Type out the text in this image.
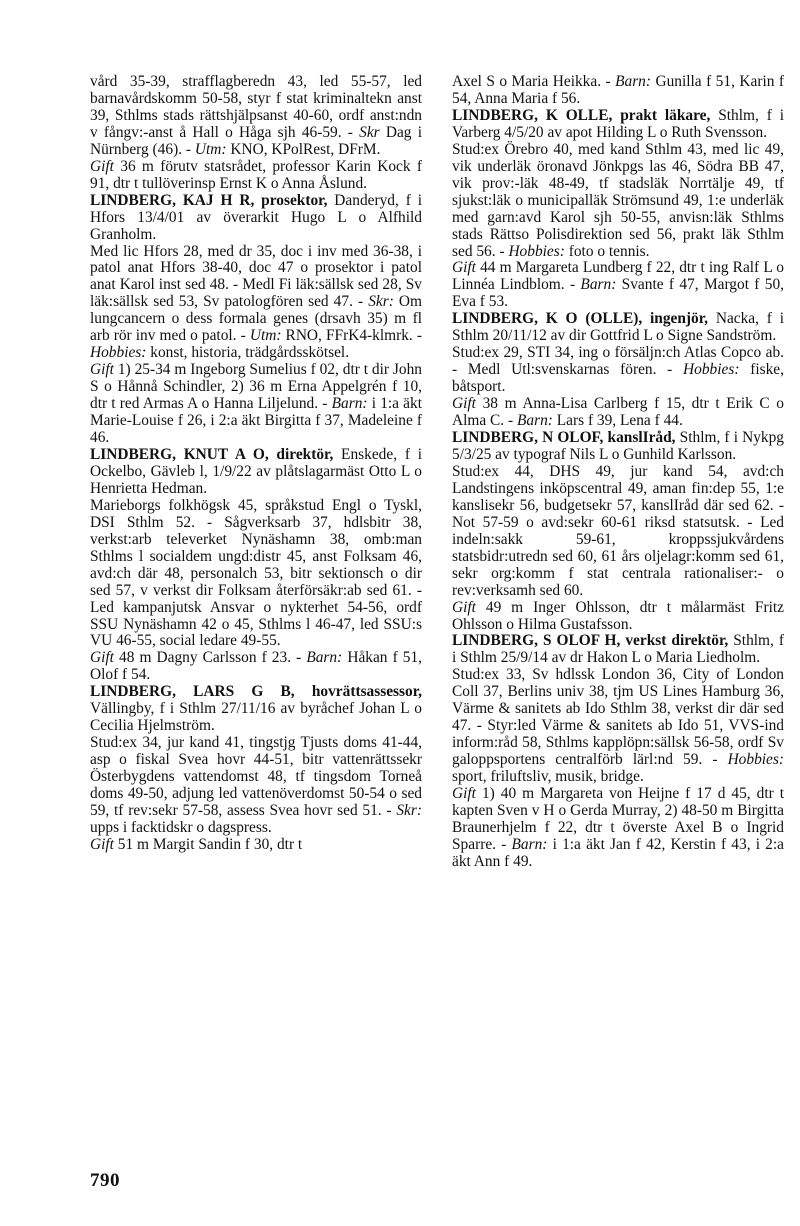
vård 35-39, strafflagberedn 43, led 55-57, led barnavårdskomm 50-58, styr f stat kriminaltekn anst 39, Sthlms stads rättshjälpsanst 40-60, ordf anst:ndn v fångv:-anst å Hall o Håga sjh 46-59. - Skr Dag i Nürnberg (46). - Utm: KNO, KPolRest, DFrM.

Gift 36 m förutv statsrådet, professor Karin Kock f 91, dtr t tullöverinsp Ernst K o Anna Åslund.

LINDBERG, KAJ H R, prosektor, Danderyd, f i Hfors 13/4/01 av överarkit Hugo L o Alfhild Granholm.

Med lic Hfors 28, med dr 35, doc i inv med 36-38, i patol anat Hfors 38-40, doc 47 o prosektor i patol anat Karol inst sed 48. - Medl Fi läk:sällsk sed 28, Sv läk:sällsk sed 53, Sv patologfören sed 47. - Skr: Om lungcancern o dess formala genes (drsavh 35) m fl arb rör inv med o patol. - Utm: RNO, FFrK4-klmrk. - Hobbies: konst, historia, trädgårdsskötsel.

Gift 1) 25-34 m Ingeborg Sumelius f 02, dtr t dir John S o Hånnå Schindler, 2) 36 m Erna Appelgrén f 10, dtr t red Armas A o Hanna Liljelund. - Barn: i 1:a äkt Marie-Louise f 26, i 2:a äkt Birgitta f 37, Madeleine f 46.

LINDBERG, KNUT A O, direktör, Enskede, f i Ockelbo, Gävleb l, 1/9/22 av plåtslagarmäst Otto L o Henrietta Hedman.

Marieborgs folkhögsk 45, språkstud Engl o Tyskl, DSI Sthlm 52. - Sågverksarb 37, hdlsbitr 38, verkst:arb televerket Nynäshamn 38, omb:man Sthlms l socialdem ungd:distr 45, anst Folksam 46, avd:ch där 48, personalch 53, bitr sektionsch o dir sed 57, v verkst dir Folksam återförsäkr:ab sed 61. - Led kampanjutsk Ansvar o nykterhet 54-56, ordf SSU Nynäshamn 42 o 45, Sthlms l 46-47, led SSU:s VU 46-55, social ledare 49-55.

Gift 48 m Dagny Carlsson f 23. - Barn: Håkan f 51, Olof f 54.

LINDBERG, LARS G B, hovrättsassessor, Vällingby, f i Sthlm 27/11/16 av byråchef Johan L o Cecilia Hjelmström.

Stud:ex 34, jur kand 41, tingstjg Tjusts doms 41-44, asp o fiskal Svea hovr 44-51, bitr vattenrättssekr Österbygdens vattendomst 48, tf tingsdom Torneå doms 49-50, adjung led vattenöverdomst 50-54 o sed 59, tf rev:sekr 57-58, assess Svea hovr sed 51. - Skr: upps i facktidskr o dagspress.

Gift 51 m Margit Sandin f 30, dtr t

Axel S o Maria Heikka. - Barn: Gunilla f 51, Karin f 54, Anna Maria f 56.

LINDBERG, K OLLE, prakt läkare, Sthlm, f i Varberg 4/5/20 av apot Hilding L o Ruth Svensson.

Stud:ex Örebro 40, med kand Sthlm 43, med lic 49, vik underläk öronavd Jönkpgs las 46, Södra BB 47, vik prov:-läk 48-49, tf stadsläk Norrtälje 49, tf sjukst:läk o municipalläk Strömsund 49, 1:e underläk med garn:avd Karol sjh 50-55, anvisn:läk Sthlms stads Rättso Polisdirektion sed 56, prakt läk Sthlm sed 56. - Hobbies: foto o tennis.

Gift 44 m Margareta Lundberg f 22, dtr t ing Ralf L o Linnéa Lindblom. - Barn: Svante f 47, Margot f 50, Eva f 53.

LINDBERG, K O (OLLE), ingenjör, Nacka, f i Sthlm 20/11/12 av dir Gottfrid L o Signe Sandström.

Stud:ex 29, STI 34, ing o försäljn:ch Atlas Copco ab. - Medl Utl:svenskarnas fören. - Hobbies: fiske, båtsport.

Gift 38 m Anna-Lisa Carlberg f 15, dtr t Erik C o Alma C. - Barn: Lars f 39, Lena f 44.

LINDBERG, N OLOF, kanslIråd, Sthlm, f i Nykpg 5/3/25 av typograf Nils L o Gunhild Karlsson.

Stud:ex 44, DHS 49, jur kand 54, avd:ch Landstingens inköpscentral 49, aman fin:dep 55, 1:e kanslisekr 56, budgetsekr 57, kanslIråd där sed 62. - Not 57-59 o avd:sekr 60-61 riksd statsutsk. - Led indeln:sakk 59-61, kroppssjukvårdens statsbidr:utredn sed 60, 61 års oljelagr:komm sed 61, sekr org:komm f stat centrala rationaliser:- o rev:verksamh sed 60.

Gift 49 m Inger Ohlsson, dtr t målarmäst Fritz Ohlsson o Hilma Gustafsson.

LINDBERG, S OLOF H, verkst direktör, Sthlm, f i Sthlm 25/9/14 av dr Hakon L o Maria Liedholm.

Stud:ex 33, Sv hdlssk London 36, City of London Coll 37, Berlins univ 38, tjm US Lines Hamburg 36, Värme & sanitets ab Ido Sthlm 38, verkst dir där sed 47. - Styr:led Värme & sanitets ab Ido 51, VVS-ind inform:råd 58, Sthlms kapplöpn:sällsk 56-58, ordf Sv galoppsportens centralförb lärl:nd 59. - Hobbies: sport, friluftsliv, musik, bridge.

Gift 1) 40 m Margareta von Heijne f 17 d 45, dtr t kapten Sven v H o Gerda Murray, 2) 48-50 m Birgitta Braunerhjelm f 22, dtr t överste Axel B o Ingrid Sparre. - Barn: i 1:a äkt Jan f 42, Kerstin f 43, i 2:a äkt Ann f 49.

790
